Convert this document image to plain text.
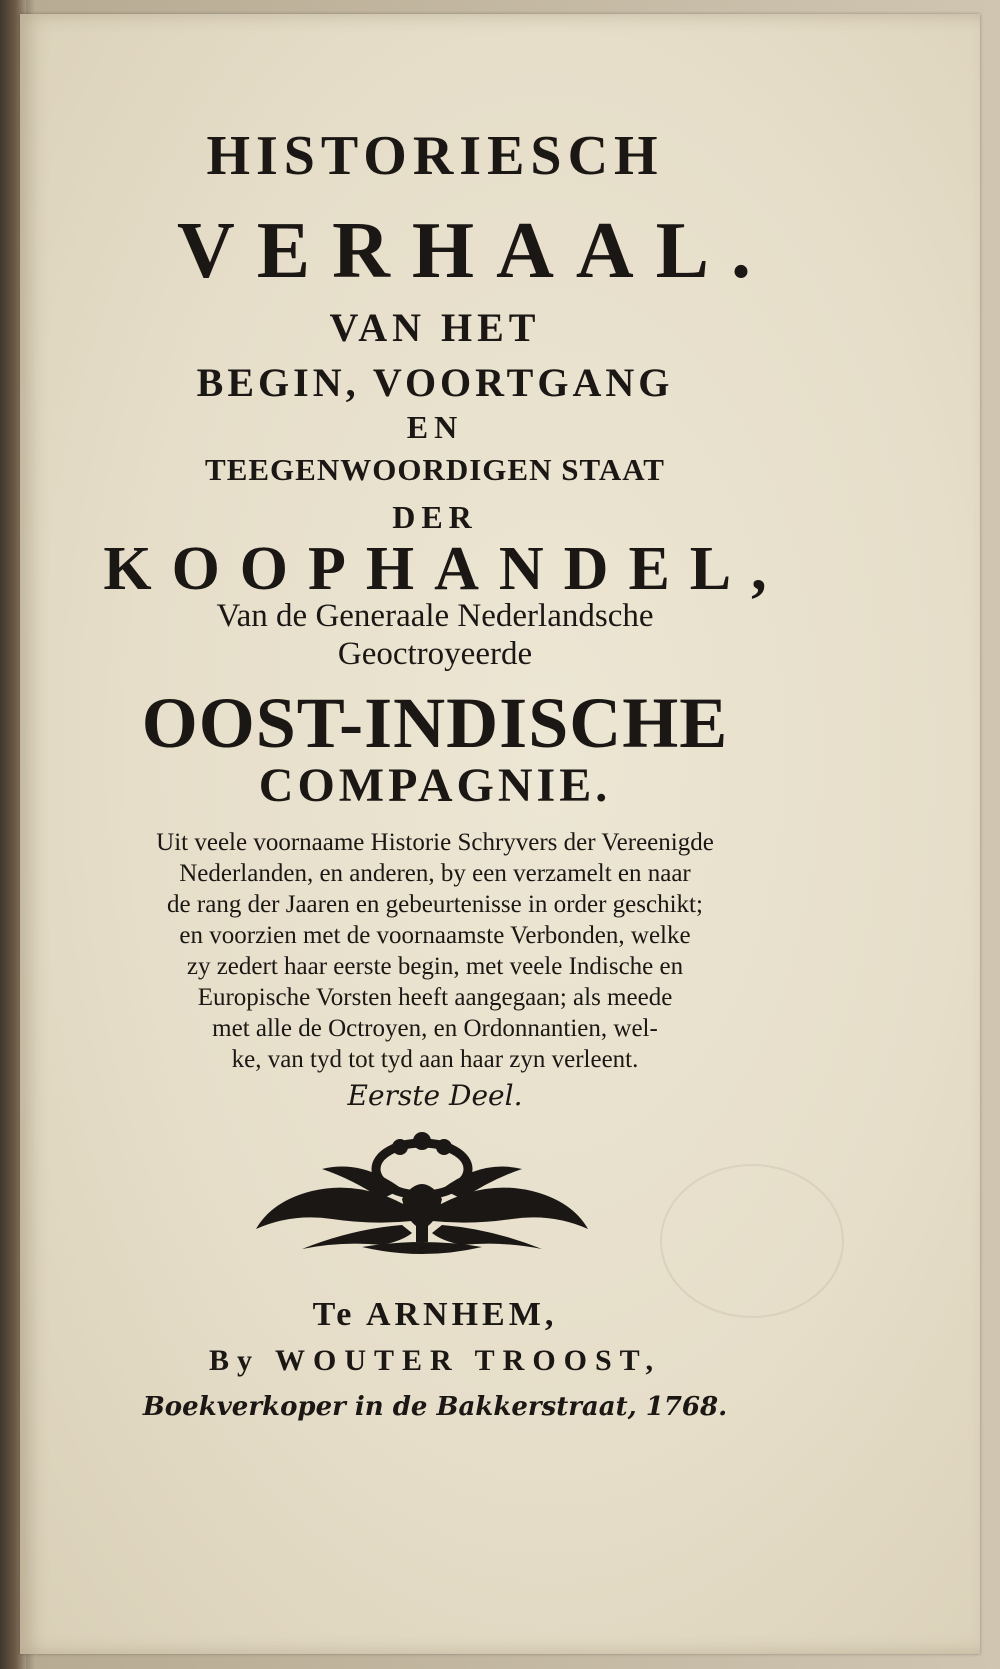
HISTORIESCH
VERHAAL.
VAN HET
BEGIN, VOORTGANG
EN
TEEGENWOORDIGEN STAAT
DER
KOOPHANDEL,
Van de Generaale Nederlandsche
Geoctroyeerde
OOST-INDISCHE
COMPAGNIE.
Uit veele voornaame Historie Schryvers der Vereenigde
Nederlanden, en anderen, by een verzamelt en naar
de rang der Jaaren en gebeurtenisse in order geschikt;
en voorzien met de voornaamste Verbonden, welke
zy zedert haar eerste begin, met veele Indische en
Europische Vorsten heeft aangegaan; als meede
met alle de Octroyen, en Ordonnantien, wel-
ke, van tyd tot tyd aan haar zyn verleent.
Eerste Deel.
Te ARNHEM,
By WOUTER TROOST,
Boekverkoper in de Bakkerstraat, 1768.
